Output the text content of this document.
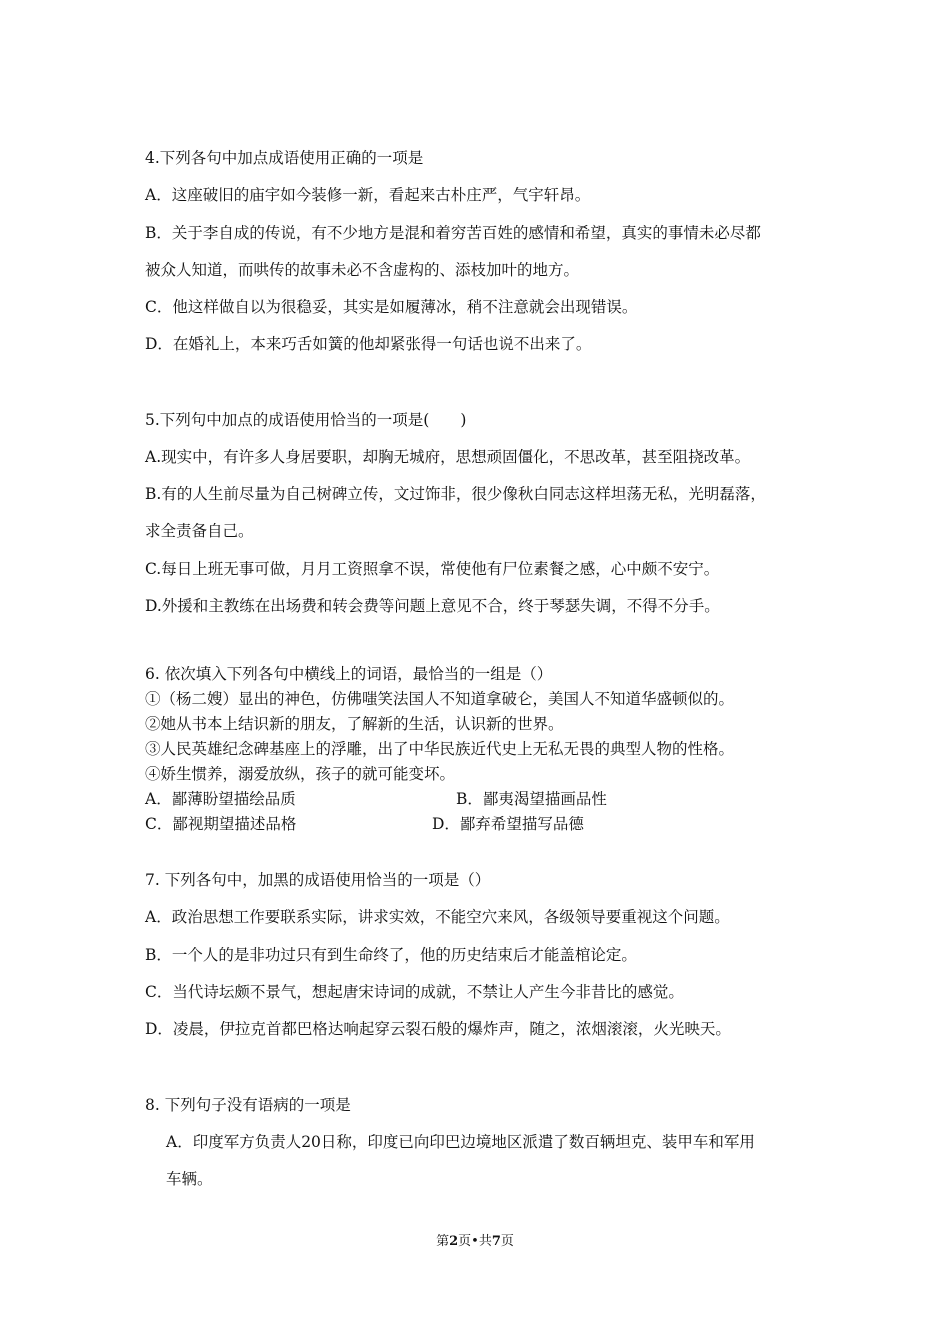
4.下列各句中加点成语使用正确的一项是
A．这座破旧的庙宇如今装修一新，看起来古朴庄严，气宇轩昂。
B．关于李自成的传说，有不少地方是混和着穷苦百姓的感情和希望，真实的事情未必尽都
被众人知道，而哄传的故事未必不含虚构的、添枝加叶的地方。
C．他这样做自以为很稳妥，其实是如履薄冰，稍不注意就会出现错误。
D．在婚礼上，本来巧舌如簧的他却紧张得一句话也说不出来了。
5.下列句中加点的成语使用恰当的一项是(　　)
A.现实中，有许多人身居要职，却胸无城府，思想顽固僵化，不思改革，甚至阻挠改革。
B.有的人生前尽量为自己树碑立传，文过饰非，很少像秋白同志这样坦荡无私，光明磊落，
求全责备自己。
C.每日上班无事可做，月月工资照拿不误，常使他有尸位素餐之感，心中颇不安宁。
D.外援和主教练在出场费和转会费等问题上意见不合，终于琴瑟失调，不得不分手。
6. 依次填入下列各句中横线上的词语，最恰当的一组是（）
①（杨二嫂）显出的神色，仿佛嗤笑法国人不知道拿破仑，美国人不知道华盛顿似的。
②她从书本上结识新的朋友，了解新的生活，认识新的世界。
③人民英雄纪念碑基座上的浮雕，出了中华民族近代史上无私无畏的典型人物的性格。
④娇生惯养，溺爱放纵，孩子的就可能变坏。
A．鄙薄盼望描绘品质	B．鄙夷渴望描画品性
C．鄙视期望描述品格	D．鄙弃希望描写品德
7. 下列各句中，加黑的成语使用恰当的一项是（）
A．政治思想工作要联系实际，讲求实效，不能空穴来风，各级领导要重视这个问题。
B．一个人的是非功过只有到生命终了，他的历史结束后才能盖棺论定。
C．当代诗坛颇不景气，想起唐宋诗词的成就，不禁让人产生今非昔比的感觉。
D．凌晨，伊拉克首都巴格达响起穿云裂石般的爆炸声，随之，浓烟滚滚，火光映天。
8. 下列句子没有语病的一项是
A．印度军方负责人20日称，印度已向印巴边境地区派遣了数百辆坦克、装甲车和军用
车辆。
第2页•共7页
